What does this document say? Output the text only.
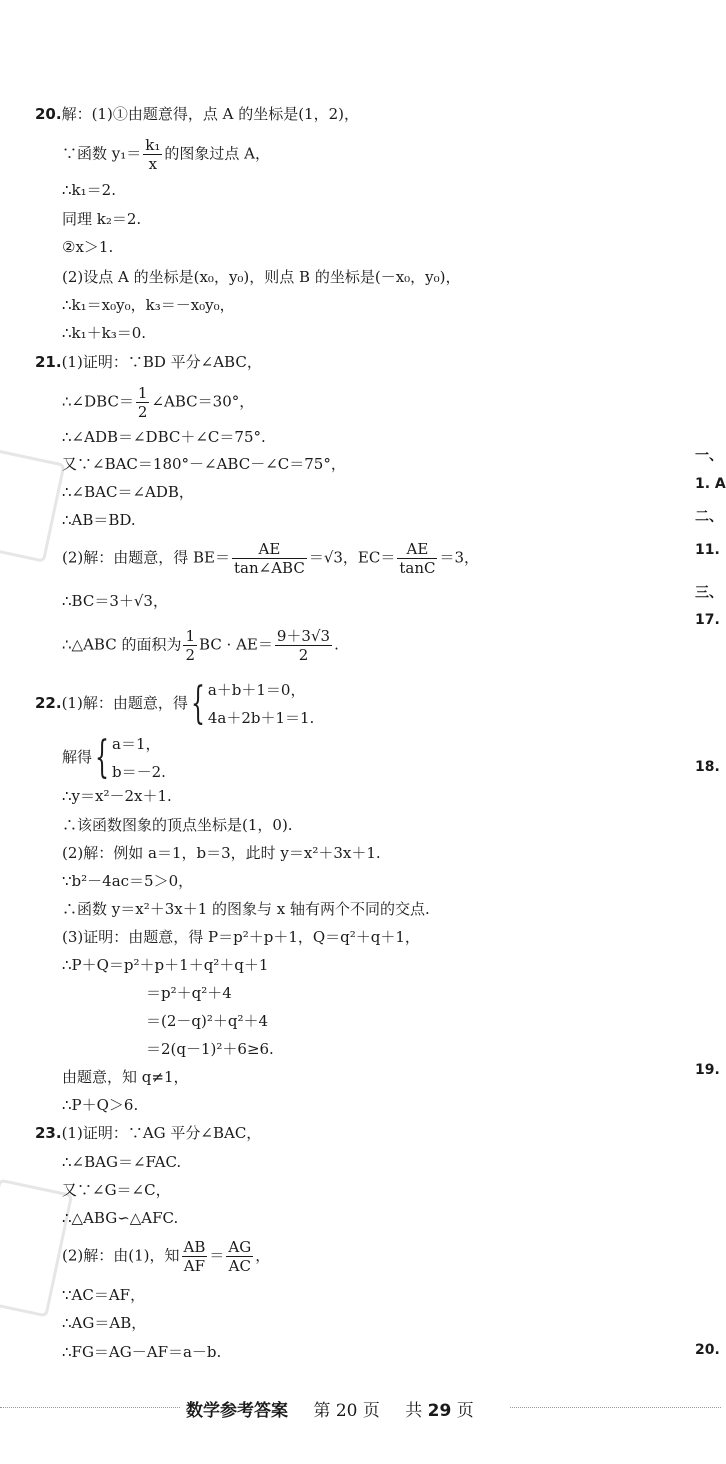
20.解：(1)①由题意得，点 A 的坐标是(1，2)，
∵函数 $y_1= \frac{\text{k₁}}{x}$ 的图象过点 A，
∴k₁＝2.
同理 k₂＝2.
②x＞1.
(2)设点 A 的坐标是(x₀，y₀)，则点 B 的坐标是(－x₀，y₀)，
∴k₁＝x₀y₀，k₃＝－x₀y₀，
∴k₁＋k₃＝0.
21.(1)证明：∵BD 平分∠ABC，
∴∠DBC＝ $\frac{1}{2}$ ∠ABC＝30°，
∴∠ADB＝∠DBC＋∠C＝75°.
又∵∠BAC＝180°－∠ABC－∠C＝75°，
∴∠BAC＝∠ADB，
∴AB＝BD.
(2)解：由题意，得 $BE= \frac{AE}{\text{tan∠ABC}} =√3$，$EC= \frac{AE}{\tan C} =3$，
∴BC＝3＋√3，
∴△ABC 的面积为 $\frac{1}{2}$ BC · $AE= \frac{9+3√3}{2}$ .
22.(1)解：由题意，得{ a＋b＋1＝0，
4a＋2b＋1＝1.
解得{ a＝1，
b＝－2.
∴y＝x²－2x＋1.
∴该函数图象的顶点坐标是(1，0).
(2)解：例如 a＝1，b＝3，此时 y＝x²＋3x＋1.
∵b²－4ac＝5＞0，
∴函数 y＝x²＋3x＋1 的图象与 x 轴有两个不同的交点.
(3)证明：由题意，得 P＝p²＋p＋1，Q＝q²＋q＋1，
∴P＋Q＝p²＋p＋1＋q²＋q＋1
＝p²＋q²＋4
＝(2－q)²＋q²＋4
＝2(q－1)²＋6≥6.
由题意，知 q≠1，
∴P＋Q＞6.
23.(1)证明：∵AG 平分∠BAC，
∴∠BAG＝∠FAC.
又∵∠G＝∠C，
∴△ABG∽△AFC.
(2)解：由(1)，知 $\frac{AB}{AF} = \frac{AG}{AC}$ ，
∵AC＝AF，
∴AG＝AB，
∴FG＝AG－AF＝a－b.
一、
1. A
二、
11.
三、
17.
18.
19.
20.
数学参考答案 第 20 页 共 29 页
